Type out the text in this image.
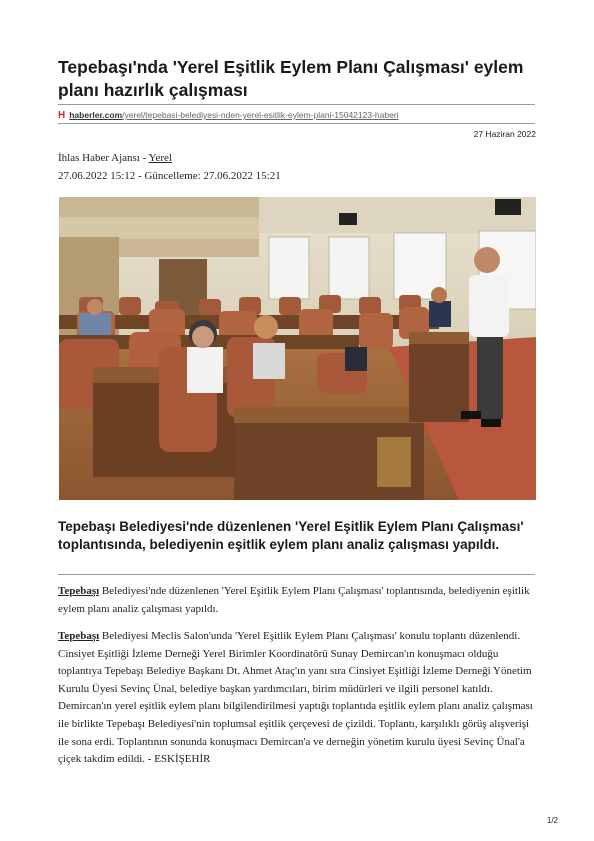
Tepebaşı'nda 'Yerel Eşitlik Eylem Planı Çalışması' eylem planı hazırlık çalışması
H haberler.com/yerel/tepebasi-belediyesi-nden-yerel-esitlik-eylem-plani-15042123-haberi
27 Haziran 2022
İhlas Haber Ajansı - Yerel
27.06.2022 15:12 - Güncelleme: 27.06.2022 15:21

Tepebaşı Belediyesi'nde düzenlenen 'Yerel Eşitlik Eylem Planı Çalışması' toplantısında, belediyenin eşitlik eylem planı analiz çalışması yapıldı.

Tepebaşı Belediyesi'nde düzenlenen 'Yerel Eşitlik Eylem Planı Çalışması' toplantısında, belediyenin eşitlik eylem planı analiz çalışması yapıldı.

Tepebaşı Belediyesi Meclis Salon'unda 'Yerel Eşitlik Eylem Planı Çalışması' konulu toplantı düzenlendi. Cinsiyet Eşitliği İzleme Derneği Yerel Birimler Koordinatörü Sunay Demircan'ın konuşmacı olduğu toplantıya Tepebaşı Belediye Başkanı Dt. Ahmet Ataç'ın yanı sıra Cinsiyet Eşitliği İzleme Derneği Yönetim Kurulu Üyesi Sevinç Ünal, belediye başkan yardımcıları, birim müdürleri ve ilgili personel katıldı. Demircan'ın yerel eşitlik eylem planı bilgilendirilmesi yaptığı toplantıda eşitlik eylem planı analiz çalışması ile birlikte Tepebaşı Belediyesi'nin toplumsal eşitlik çerçevesi de çizildi. Toplantı, karşılıklı görüş alışverişi ile sona erdi. Toplantının sonunda konuşmacı Demircan'a ve derneğin yönetim kurulu üyesi Sevinç Ünal'a çiçek takdim edildi. - ESKİŞEHİR

1/2
